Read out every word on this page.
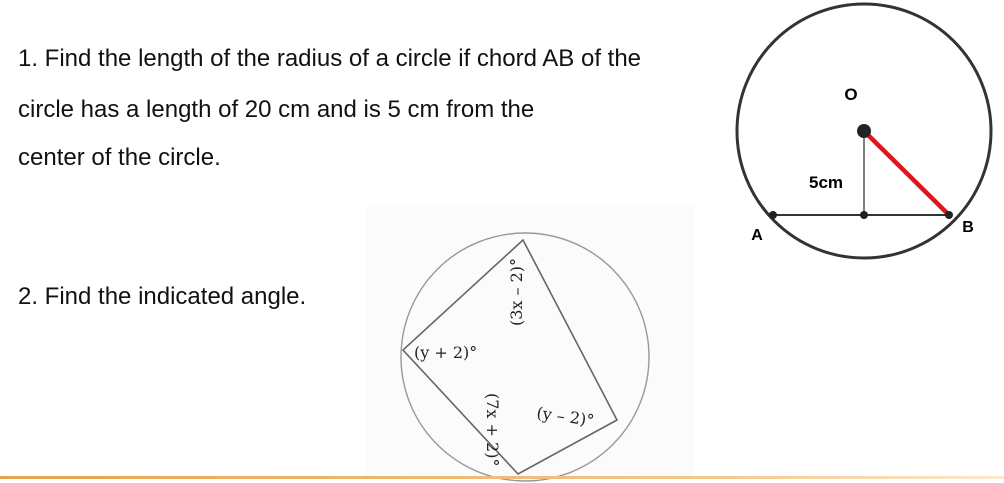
1. Find the length of the radius of a circle if chord AB of the
circle has a length of 20 cm and is 5 cm from the
center of the circle.
2. Find the indicated angle.
O
5cm
A	B
(3x – 2)°
(y + 2)°
(7x + 2)° (y – 2)°
